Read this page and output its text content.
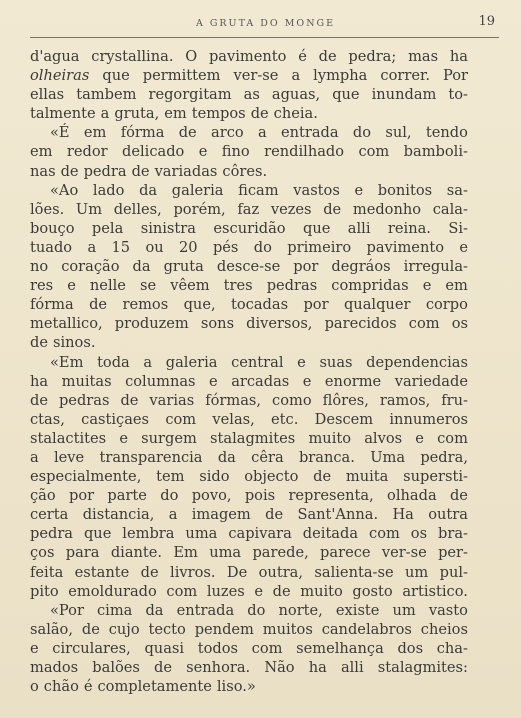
A GRUTA DO MONGE	19
d'agua crystallina. O pavimento é de pedra; mas ha
olheiras que permittem ver-se a lympha correr. Por
ellas tambem regorgitam as aguas, que inundam to-
talmente a gruta, em tempos de cheia.
«É em fórma de arco a entrada do sul, tendo
em redor delicado e fino rendilhado com bamboli-
nas de pedra de variadas côres.
«Ao lado da galeria ficam vastos e bonitos sa-
lões. Um delles, porém, faz vezes de medonho cala-
bouço pela sinistra escuridão que alli reina. Si-
tuado a 15 ou 20 pés do primeiro pavimento e
no coração da gruta desce-se por degráos irregula-
res e nelle se vêem tres pedras compridas e em
fórma de remos que, tocadas por qualquer corpo
metallico, produzem sons diversos, parecidos com os
de sinos.
«Em toda a galeria central e suas dependencias
ha muitas columnas e arcadas e enorme variedade
de pedras de varias fórmas, como flôres, ramos, fru-
ctas, castiçaes com velas, etc. Descem innumeros
stalactites e surgem stalagmites muito alvos e com
a leve transparencia da cêra branca. Uma pedra,
especialmente, tem sido objecto de muita supersti-
ção por parte do povo, pois representa, olhada de
certa distancia, a imagem de Sant'Anna. Ha outra
pedra que lembra uma capivara deitada com os bra-
ços para diante. Em uma parede, parece ver-se per-
feita estante de livros. De outra, salienta-se um pul-
pito emoldurado com luzes e de muito gosto artistico.
«Por cima da entrada do norte, existe um vasto
salão, de cujo tecto pendem muitos candelabros cheios
e circulares, quasi todos com semelhança dos cha-
mados balões de senhora. Não ha alli stalagmites:
o chão é completamente liso.»
